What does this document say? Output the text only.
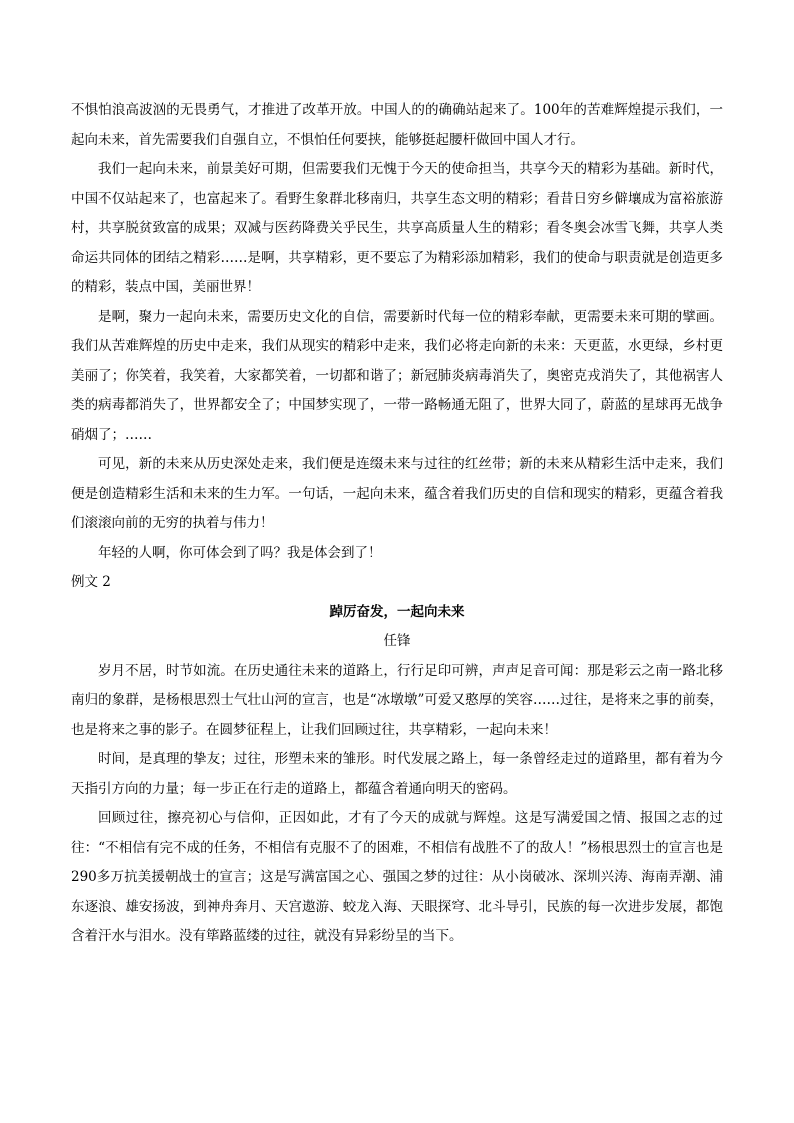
不惧怕浪高波汹的无畏勇气，才推进了改革开放。中国人的的确确站起来了。100年的苦难辉煌提示我们，一起向未来，首先需要我们自强自立，不惧怕任何要挟，能够挺起腰杆做回中国人才行。

我们一起向未来，前景美好可期，但需要我们无愧于今天的使命担当，共享今天的精彩为基础。新时代，中国不仅站起来了，也富起来了。看野生象群北移南归，共享生态文明的精彩；看昔日穷乡僻壤成为富裕旅游村，共享脱贫致富的成果；双减与医药降费关乎民生，共享高质量人生的精彩；看冬奥会冰雪飞舞，共享人类命运共同体的团结之精彩……是啊，共享精彩，更不要忘了为精彩添加精彩，我们的使命与职责就是创造更多的精彩，装点中国，美丽世界！

是啊，聚力一起向未来，需要历史文化的自信，需要新时代每一位的精彩奉献，更需要未来可期的擘画。我们从苦难辉煌的历史中走来，我们从现实的精彩中走来，我们必将走向新的未来：天更蓝，水更绿，乡村更美丽了；你笑着，我笑着，大家都笑着，一切都和谐了；新冠肺炎病毒消失了，奥密克戎消失了，其他祸害人类的病毒都消失了，世界都安全了；中国梦实现了，一带一路畅通无阻了，世界大同了，蔚蓝的星球再无战争硝烟了；……

可见，新的未来从历史深处走来，我们便是连缀未来与过往的红丝带；新的未来从精彩生活中走来，我们便是创造精彩生活和未来的生力军。一句话，一起向未来，蕴含着我们历史的自信和现实的精彩，更蕴含着我们滚滚向前的无穷的执着与伟力！

年轻的人啊，你可体会到了吗？我是体会到了！

例文 2

踔厉奋发，一起向未来

任锋

岁月不居，时节如流。在历史通往未来的道路上，行行足印可辨，声声足音可闻：那是彩云之南一路北移南归的象群，是杨根思烈士气壮山河的宣言，也是“冰墩墩”可爱又憨厚的笑容……过往，是将来之事的前奏，也是将来之事的影子。在圆梦征程上，让我们回顾过往，共享精彩，一起向未来！

时间，是真理的挚友；过往，形塑未来的雏形。时代发展之路上，每一条曾经走过的道路里，都有着为今天指引方向的力量；每一步正在行走的道路上，都蕴含着通向明天的密码。

回顾过往，擦亮初心与信仰，正因如此，才有了今天的成就与辉煌。这是写满爱国之情、报国之志的过往：“不相信有完不成的任务，不相信有克服不了的困难，不相信有战胜不了的敌人！”杨根思烈士的宣言也是290多万抗美援朝战士的宣言；这是写满富国之心、强国之梦的过往：从小岗破冰、深圳兴涛、海南弄潮、浦东逐浪、雄安扬波，到神舟奔月、天宫遨游、蛟龙入海、天眼探穹、北斗导引，民族的每一次进步发展，都饱含着汗水与泪水。没有筚路蓝缕的过往，就没有异彩纷呈的当下。
